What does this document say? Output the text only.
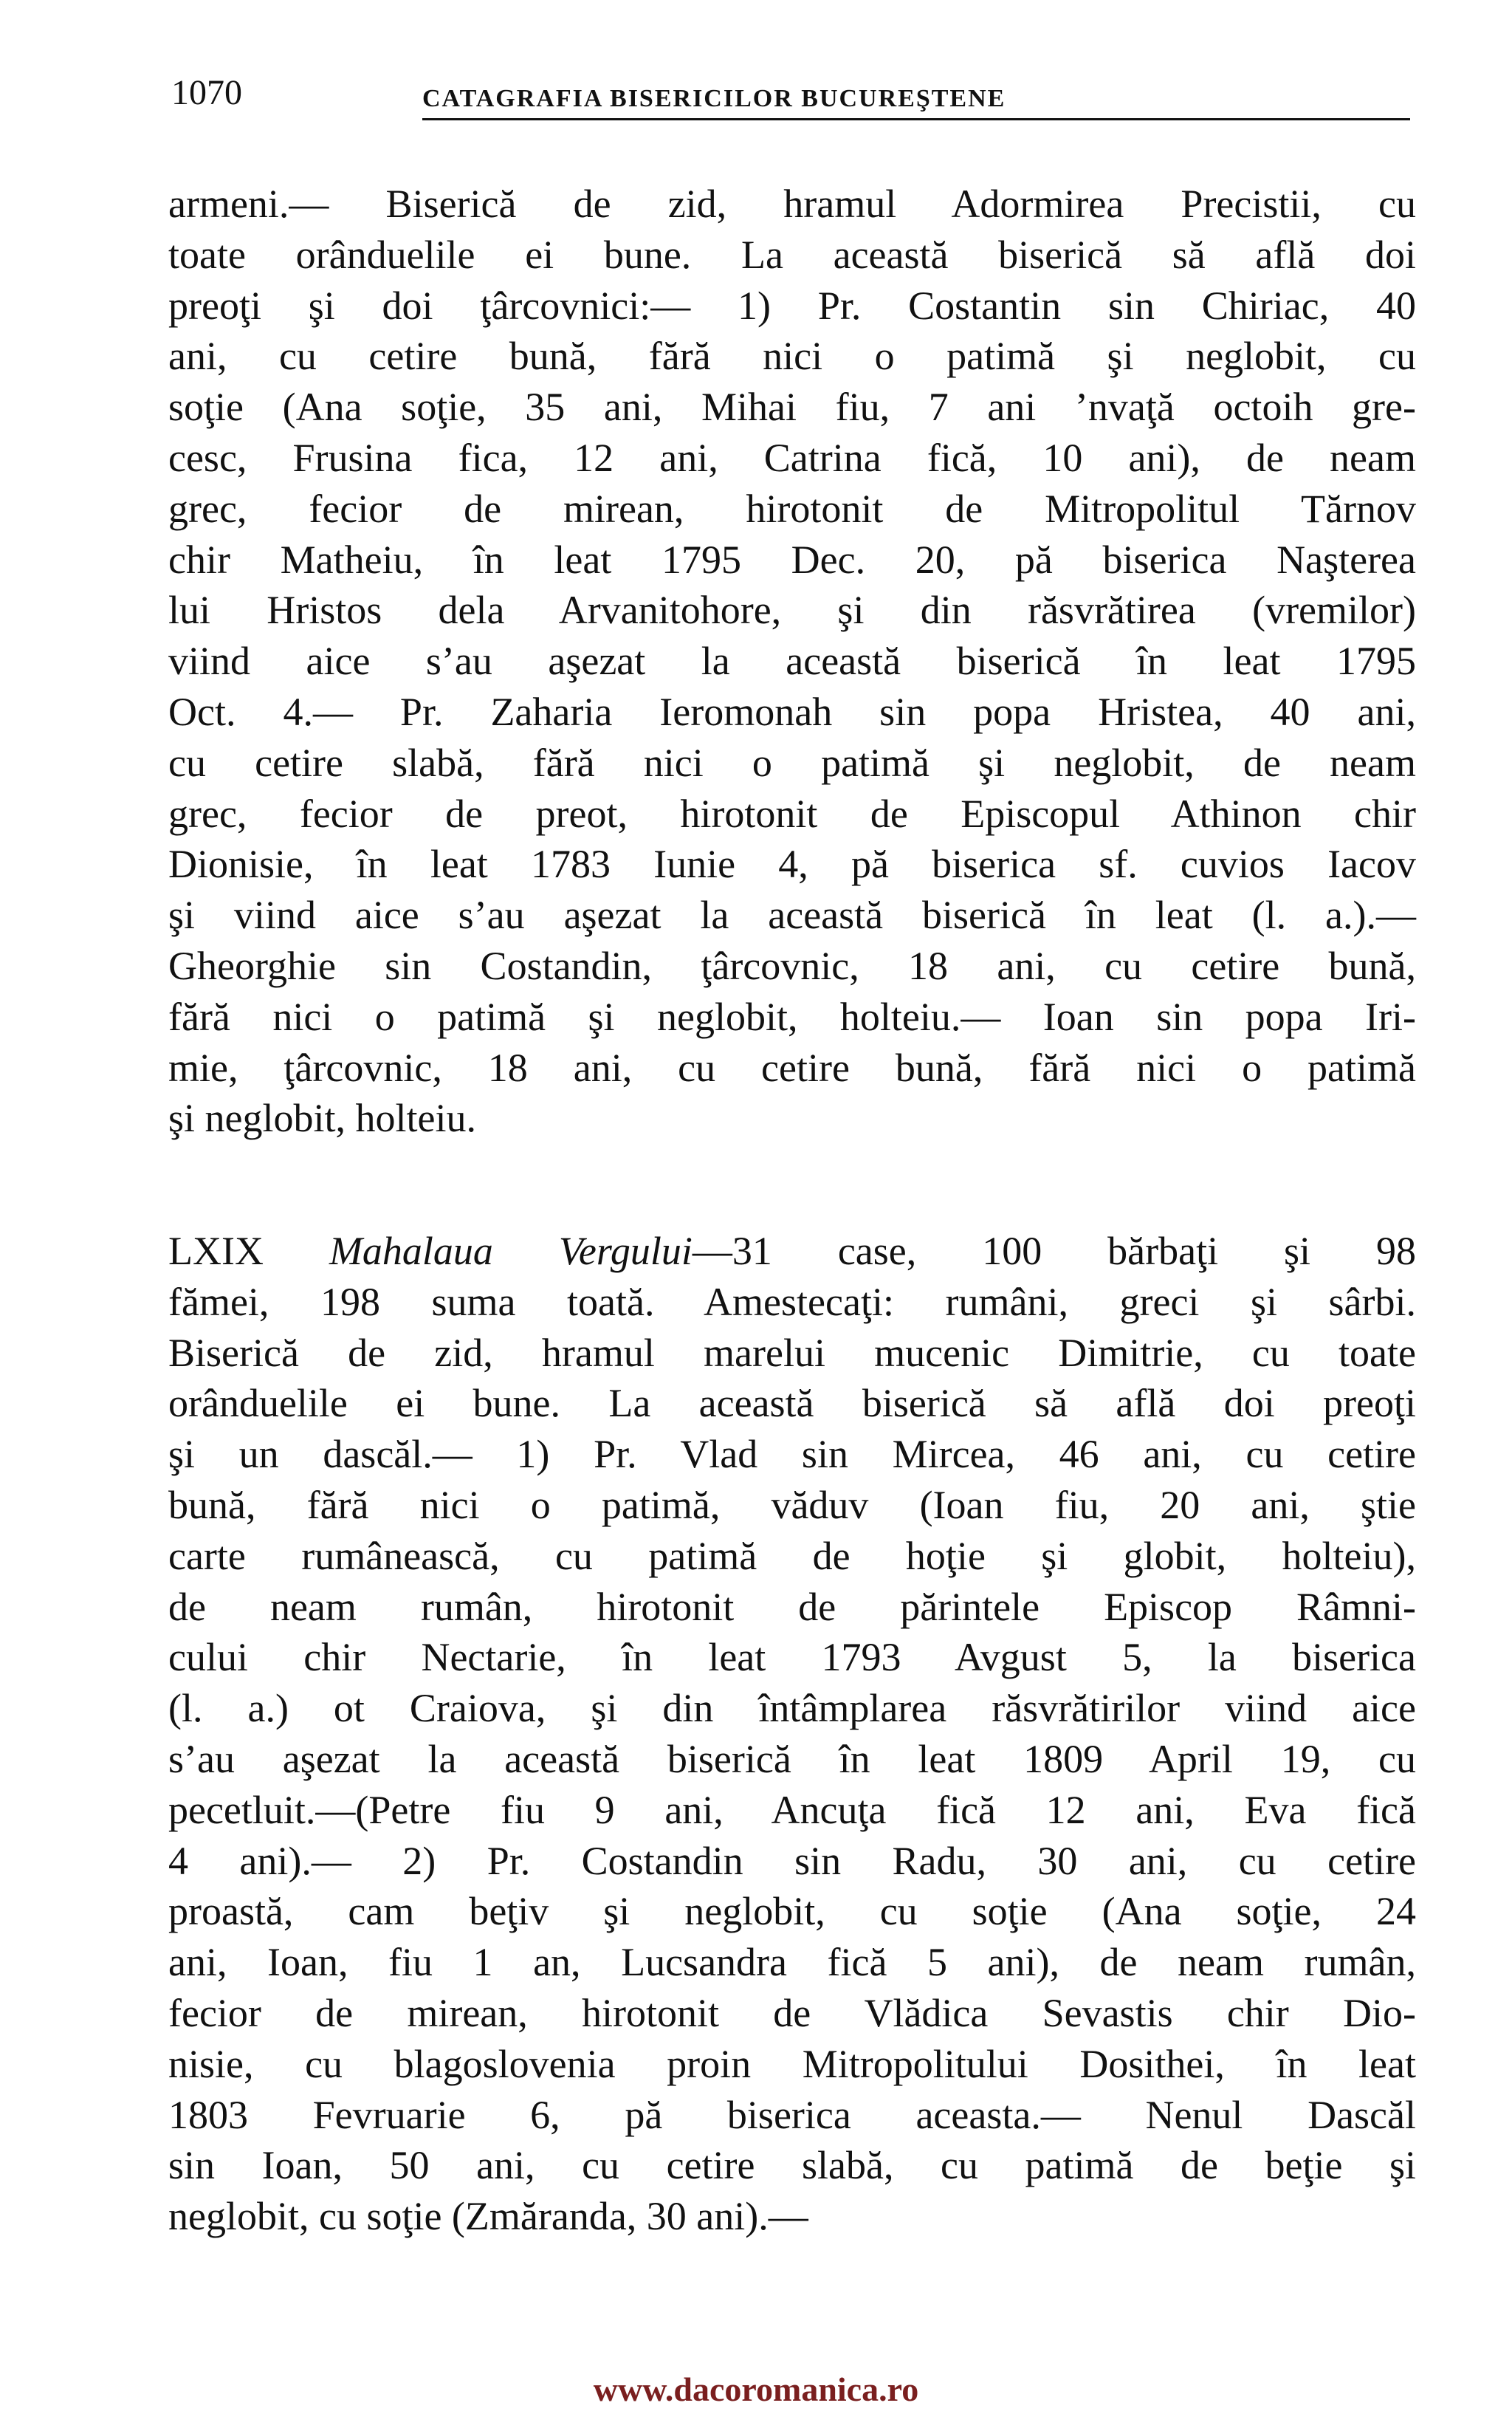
1070	CATAGRAFIA BISERICILOR BUCUREŞTENE
armeni.— Biserică de zid, hramul Adormirea Precistii, cu
toate orânduelile ei bune. La această biserică să află doi
preoţi şi doi ţârcovnici:— 1) Pr. Costantin sin Chiriac, 40
ani, cu cetire bună, fără nici o patimă şi neglobit, cu
soţie (Ana soţie, 35 ani, Mihai fiu, 7 ani ’nvaţă octoih gre-
cesc, Frusina fica, 12 ani, Catrina fică, 10 ani), de neam
grec, fecior de mirean, hirotonit de Mitropolitul Tărnov
chir Matheiu, în leat 1795 Dec. 20, pă biserica Naşterea
lui Hristos dela Arvanitohore, şi din răsvrătirea (vremilor)
viind aice s’au aşezat la această biserică în leat 1795
Oct. 4.— Pr. Zaharia Ieromonah sin popa Hristea, 40 ani,
cu cetire slabă, fără nici o patimă şi neglobit, de neam
grec, fecior de preot, hirotonit de Episcopul Athinon chir
Dionisie, în leat 1783 Iunie 4, pă biserica sf. cuvios Iacov
şi viind aice s’au aşezat la această biserică în leat (l. a.).—
Gheorghie sin Costandin, ţârcovnic, 18 ani, cu cetire bună,
fără nici o patimă şi neglobit, holteiu.— Ioan sin popa Iri-
mie, ţârcovnic, 18 ani, cu cetire bună, fără nici o patimă
şi neglobit, holteiu.
LXIX Mahalaua Vergului—31 case, 100 bărbaţi şi 98
fămei, 198 suma toată. Amestecaţi: rumâni, greci şi sârbi.
Biserică de zid, hramul marelui mucenic Dimitrie, cu toate
orânduelile ei bune. La această biserică să află doi preoţi
şi un dascăl.— 1) Pr. Vlad sin Mircea, 46 ani, cu cetire
bună, fără nici o patimă, văduv (Ioan fiu, 20 ani, ştie
carte rumânească, cu patimă de hoţie şi globit, holteiu),
de neam rumân, hirotonit de părintele Episcop Râmni-
cului chir Nectarie, în leat 1793 Avgust 5, la biserica
(l. a.) ot Craiova, şi din întâmplarea răsvrătirilor viind aice
s’au aşezat la această biserică în leat 1809 April 19, cu
pecetluit.—(Petre fiu 9 ani, Ancuţa fică 12 ani, Eva fică
4 ani).— 2) Pr. Costandin sin Radu, 30 ani, cu cetire
proastă, cam beţiv şi neglobit, cu soţie (Ana soţie, 24
ani, Ioan, fiu 1 an, Lucsandra fică 5 ani), de neam rumân,
fecior de mirean, hirotonit de Vlădica Sevastis chir Dio-
nisie, cu blagoslovenia proin Mitropolitului Dosithei, în leat
1803 Fevruarie 6, pă biserica aceasta.— Nenul Dascăl
sin Ioan, 50 ani, cu cetire slabă, cu patimă de beţie şi
neglobit, cu soţie (Zmăranda, 30 ani).—
www.dacoromanica.ro
